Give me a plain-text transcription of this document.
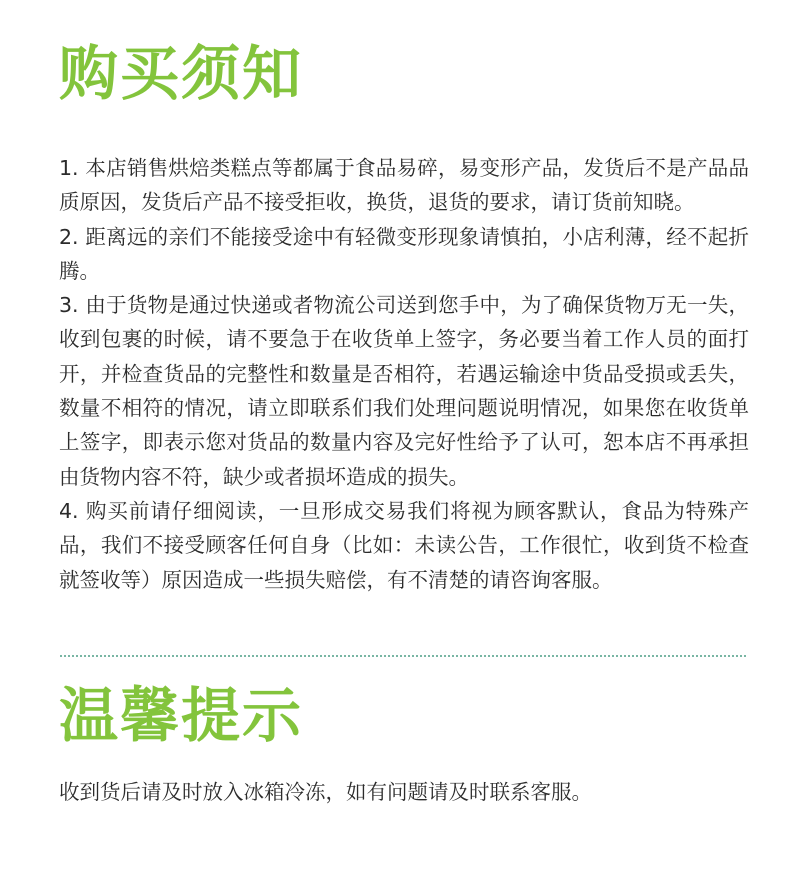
购买须知

1. 本店销售烘焙类糕点等都属于食品易碎，易变形产品，发货后不是产品品质原因，发货后产品不接受拒收，换货，退货的要求，请订货前知晓。

2. 距离远的亲们不能接受途中有轻微变形现象请慎拍，小店利薄，经不起折腾。

3. 由于货物是通过快递或者物流公司送到您手中，为了确保货物万无一失，收到包裹的时候，请不要急于在收货单上签字，务必要当着工作人员的面打开，并检查货品的完整性和数量是否相符，若遇运输途中货品受损或丢失，数量不相符的情况，请立即联系们我们处理问题说明情况，如果您在收货单上签字，即表示您对货品的数量内容及完好性给予了认可，恕本店不再承担由货物内容不符，缺少或者损坏造成的损失。

4. 购买前请仔细阅读，一旦形成交易我们将视为顾客默认，食品为特殊产品，我们不接受顾客任何自身（比如：未读公告，工作很忙，收到货不检查就签收等）原因造成一些损失赔偿，有不清楚的请咨询客服。

温馨提示

收到货后请及时放入冰箱冷冻，如有问题请及时联系客服。
